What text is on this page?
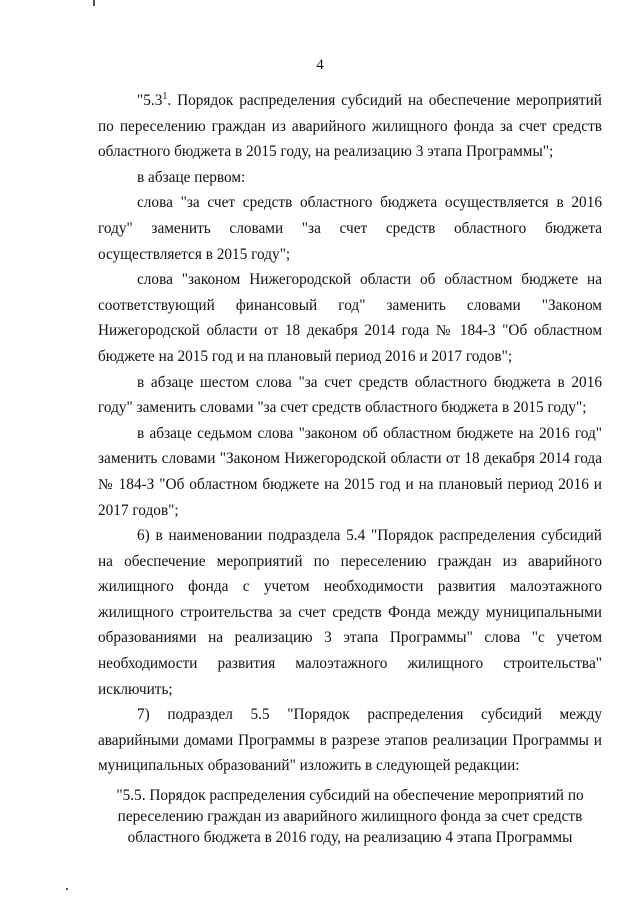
4

"$5.3^1$. Порядок распределения субсидий на обеспечение мероприятий по переселению граждан из аварийного жилищного фонда за счет средств областного бюджета в 2015 году, на реализацию 3 этапа Программы";

в абзаце первом:

слова "за счет средств областного бюджета осуществляется в 2016 году" заменить словами "за счет средств областного бюджета осуществляется в 2015 году";

слова "законом Нижегородской области об областном бюджете на соответствующий финансовый год" заменить словами "Законом Нижегородской области от 18 декабря 2014 года № 184-З "Об областном бюджете на 2015 год и на плановый период 2016 и 2017 годов";

в абзаце шестом слова "за счет средств областного бюджета в 2016 году" заменить словами "за счет средств областного бюджета в 2015 году";

в абзаце седьмом слова "законом об областном бюджете на 2016 год" заменить словами "Законом Нижегородской области от 18 декабря 2014 года № 184-З "Об областном бюджете на 2015 год и на плановый период 2016 и 2017 годов";

6) в наименовании подраздела 5.4 "Порядок распределения субсидий на обеспечение мероприятий по переселению граждан из аварийного жилищного фонда с учетом необходимости развития малоэтажного жилищного строительства за счет средств Фонда между муниципальными образованиями на реализацию 3 этапа Программы" слова "с учетом необходимости развития малоэтажного жилищного строительства" исключить;

7) подраздел 5.5 "Порядок распределения субсидий между аварийными домами Программы в разрезе этапов реализации Программы и муниципальных образований" изложить в следующей редакции:

"5.5. Порядок распределения субсидий на обеспечение мероприятий по переселению граждан из аварийного жилищного фонда за счет средств областного бюджета в 2016 году, на реализацию 4 этапа Программы
